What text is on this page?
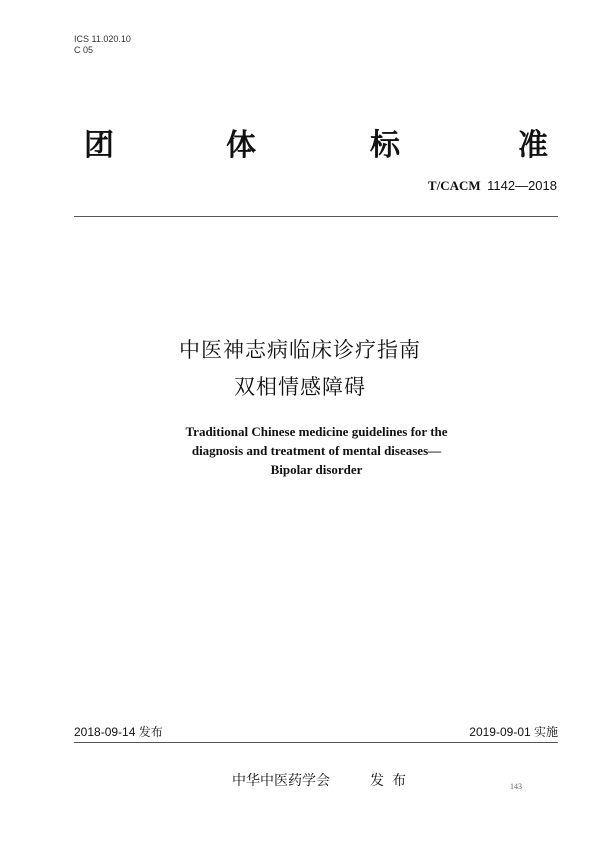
ICS 11.020.10
C 05
团	体	标	准
T/CACM 1142—2018
中医神志病临床诊疗指南
双相情感障碍
Traditional Chinese medicine guidelines for the
diagnosis and treatment of mental diseases—
Bipolar disorder
2018-09-14 发布	2019-09-01 实施
中华中医药学会	发布	143
